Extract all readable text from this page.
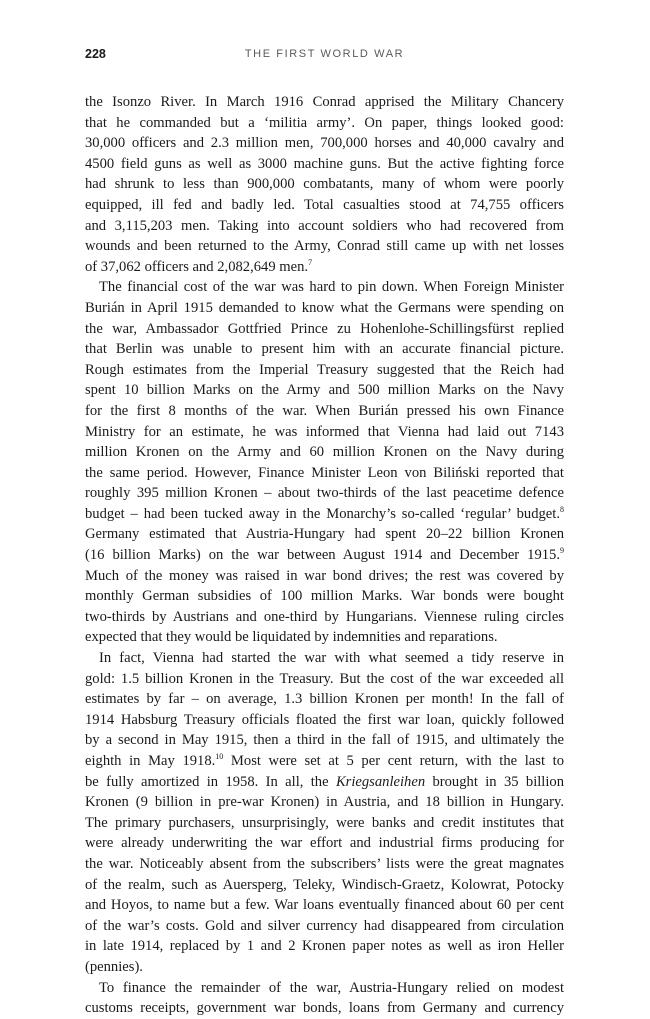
228	THE FIRST WORLD WAR
the Isonzo River. In March 1916 Conrad apprised the Military Chancery
that he commanded but a ‘militia army’. On paper, things looked good:
30,000 officers and 2.3 million men, 700,000 horses and 40,000 cavalry and
4500 field guns as well as 3000 machine guns. But the active fighting force
had shrunk to less than 900,000 combatants, many of whom were poorly
equipped, ill fed and badly led. Total casualties stood at 74,755 officers
and 3,115,203 men. Taking into account soldiers who had recovered from
wounds and been returned to the Army, Conrad still came up with net losses
of 37,062 officers and 2,082,649 men.$^7$
The financial cost of the war was hard to pin down. When Foreign Minister
Burián in April 1915 demanded to know what the Germans were spending on
the war, Ambassador Gottfried Prince zu Hohenlohe-Schillingsfürst replied
that Berlin was unable to present him with an accurate financial picture.
Rough estimates from the Imperial Treasury suggested that the Reich had
spent 10 billion Marks on the Army and 500 million Marks on the Navy
for the first 8 months of the war. When Burián pressed his own Finance
Ministry for an estimate, he was informed that Vienna had laid out 7143
million Kronen on the Army and 60 million Kronen on the Navy during
the same period. However, Finance Minister Leon von Biliński reported that
roughly 395 million Kronen – about two-thirds of the last peacetime defence
budget – had been tucked away in the Monarchy’s so-called ‘regular’ budget.$^8$
Germany estimated that Austria-Hungary had spent 20–22 billion Kronen
(16 billion Marks) on the war between August 1914 and December 1915.$^9$
Much of the money was raised in war bond drives; the rest was covered by
monthly German subsidies of 100 million Marks. War bonds were bought
two-thirds by Austrians and one-third by Hungarians. Viennese ruling circles
expected that they would be liquidated by indemnities and reparations.
In fact, Vienna had started the war with what seemed a tidy reserve in
gold: 1.5 billion Kronen in the Treasury. But the cost of the war exceeded all
estimates by far – on average, 1.3 billion Kronen per month! In the fall of
1914 Habsburg Treasury officials floated the first war loan, quickly followed
by a second in May 1915, then a third in the fall of 1915, and ultimately the
eighth in May 1918.10 Most were set at 5 per cent return, with the last to
be fully amortized in 1958. In all, the Kriegsanleihen brought in 35 billion
Kronen (9 billion in pre-war Kronen) in Austria, and 18 billion in Hungary.
The primary purchasers, unsurprisingly, were banks and credit institutes that
were already underwriting the war effort and industrial firms producing for
the war. Noticeably absent from the subscribers’ lists were the great magnates
of the realm, such as Auersperg, Teleky, Windisch-Graetz, Kolowrat, Potocky
and Hoyos, to name but a few. War loans eventually financed about 60 per cent
of the war’s costs. Gold and silver currency had disappeared from circulation
in late 1914, replaced by 1 and 2 Kronen paper notes as well as iron Heller
(pennies).
To finance the remainder of the war, Austria-Hungary relied on modest
customs receipts, government war bonds, loans from Germany and currency
